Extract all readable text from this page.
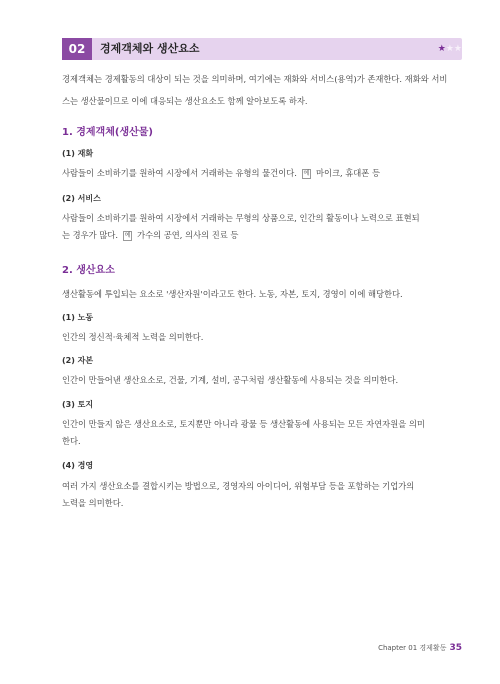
02	경제객체와 생산요소	★★★
경제객체는 경제활동의 대상이 되는 것을 의미하며, 여기에는 재화와 서비스(용역)가 존재한다. 재화와 서비
스는 생산물이므로 이에 대응되는 생산요소도 함께 알아보도록 하자.
1. 경제객체(생산물)
(1) 재화
사람들이 소비하기를 원하여 시장에서 거래하는 유형의 물건이다. 예 마이크, 휴대폰 등
(2) 서비스
사람들이 소비하기를 원하여 시장에서 거래하는 무형의 상품으로, 인간의 활동이나 노력으로 표현되
는 경우가 많다. 예 가수의 공연, 의사의 진료 등
2. 생산요소
생산활동에 투입되는 요소로 '생산자원'이라고도 한다. 노동, 자본, 토지, 경영이 이에 해당한다.
(1) 노동
인간의 정신적·육체적 노력을 의미한다.
(2) 자본
인간이 만들어낸 생산요소로, 건물, 기계, 설비, 공구처럼 생산활동에 사용되는 것을 의미한다.
(3) 토지
인간이 만들지 않은 생산요소로, 토지뿐만 아니라 광물 등 생산활동에 사용되는 모든 자연자원을 의미
한다.
(4) 경영
여러 가지 생산요소를 결합시키는 방법으로, 경영자의 아이디어, 위험부담 등을 포함하는 기업가의
노력을 의미한다.
Chapter 01 경제활동 35
